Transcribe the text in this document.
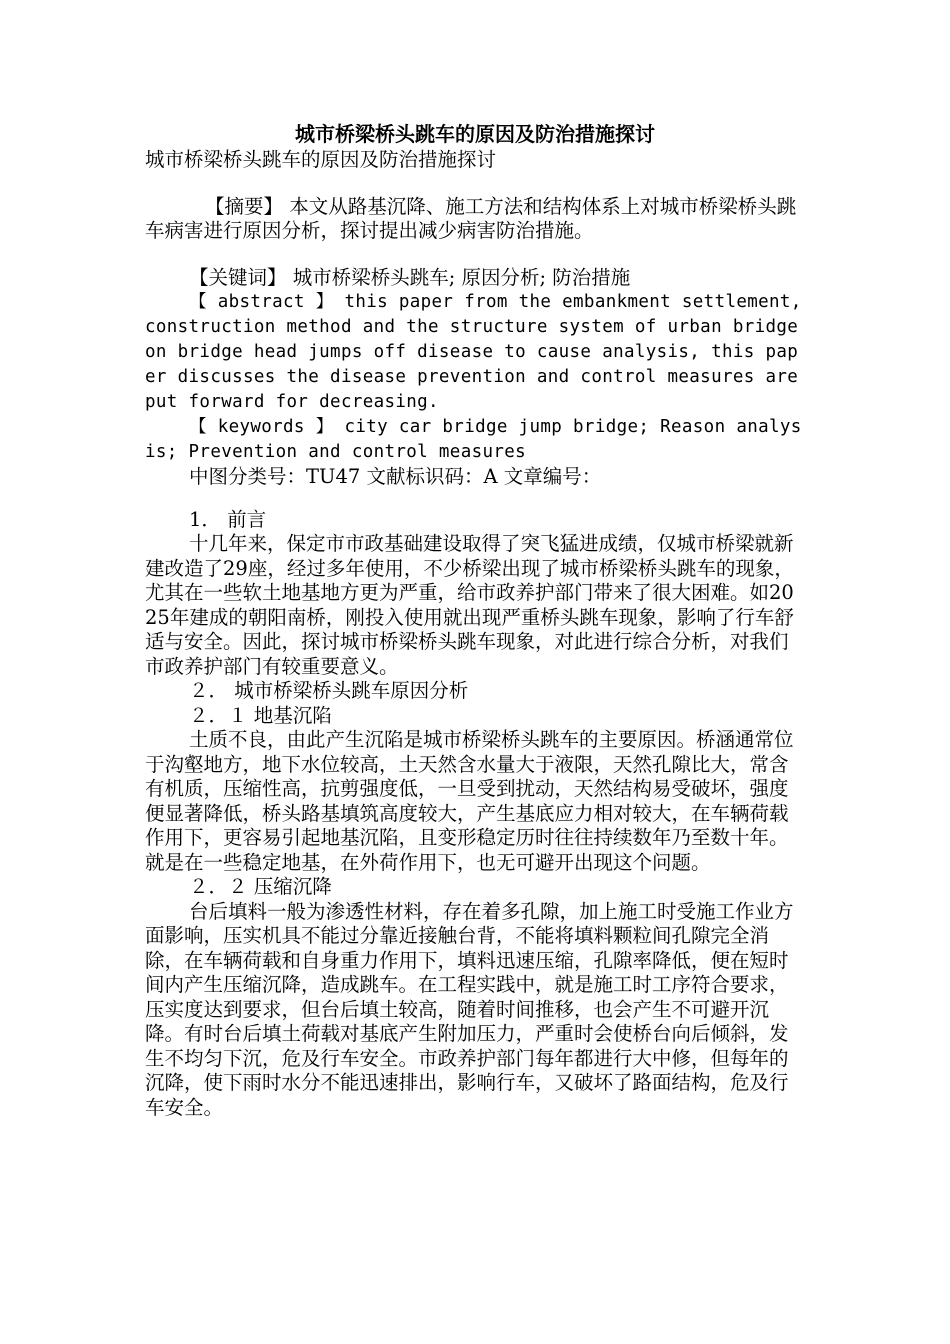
城市桥梁桥头跳车的原因及防治措施探讨

城市桥梁桥头跳车的原因及防治措施探讨

【摘要】 本文从路基沉降、施工方法和结构体系上对城市桥梁桥头跳车病害进行原因分析，探讨提出减少病害防治措施。

【关键词】 城市桥梁桥头跳车; 原因分析; 防治措施

【 abstract 】 this paper from the embankment settlement, construction method and the structure system of urban bridge on bridge head jumps off disease to cause analysis, this paper discusses the disease prevention and control measures are put forward for decreasing.

【 keywords 】 city car bridge jump bridge; Reason analysis; Prevention and control measures

中图分类号：TU47 文献标识码：A 文章编号：

1． 前言

十几年来，保定市市政基础建设取得了突飞猛进成绩，仅城市桥梁就新建改造了29座，经过多年使用，不少桥梁出现了城市桥梁桥头跳车的现象，尤其在一些软土地基地方更为严重，给市政养护部门带来了很大困难。如2025年建成的朝阳南桥，刚投入使用就出现严重桥头跳车现象，影响了行车舒适与安全。因此，探讨城市桥梁桥头跳车现象，对此进行综合分析，对我们市政养护部门有较重要意义。

２． 城市桥梁桥头跳车原因分析

２．１ 地基沉陷

土质不良，由此产生沉陷是城市桥梁桥头跳车的主要原因。桥涵通常位于沟壑地方，地下水位较高，土天然含水量大于液限，天然孔隙比大，常含有机质，压缩性高，抗剪强度低，一旦受到扰动，天然结构易受破坏，强度便显著降低，桥头路基填筑高度较大，产生基底应力相对较大，在车辆荷载作用下，更容易引起地基沉陷，且变形稳定历时往往持续数年乃至数十年。就是在一些稳定地基，在外荷作用下，也无可避开出现这个问题。

２．２ 压缩沉降

台后填料一般为渗透性材料，存在着多孔隙，加上施工时受施工作业方面影响，压实机具不能过分靠近接触台背，不能将填料颗粒间孔隙完全消除，在车辆荷载和自身重力作用下，填料迅速压缩，孔隙率降低，便在短时间内产生压缩沉降，造成跳车。在工程实践中，就是施工时工序符合要求，压实度达到要求，但台后填土较高，随着时间推移，也会产生不可避开沉降。有时台后填土荷载对基底产生附加压力，严重时会使桥台向后倾斜，发生不均匀下沉，危及行车安全。市政养护部门每年都进行大中修，但每年的沉降，使下雨时水分不能迅速排出，影响行车，又破坏了路面结构，危及行车安全。
